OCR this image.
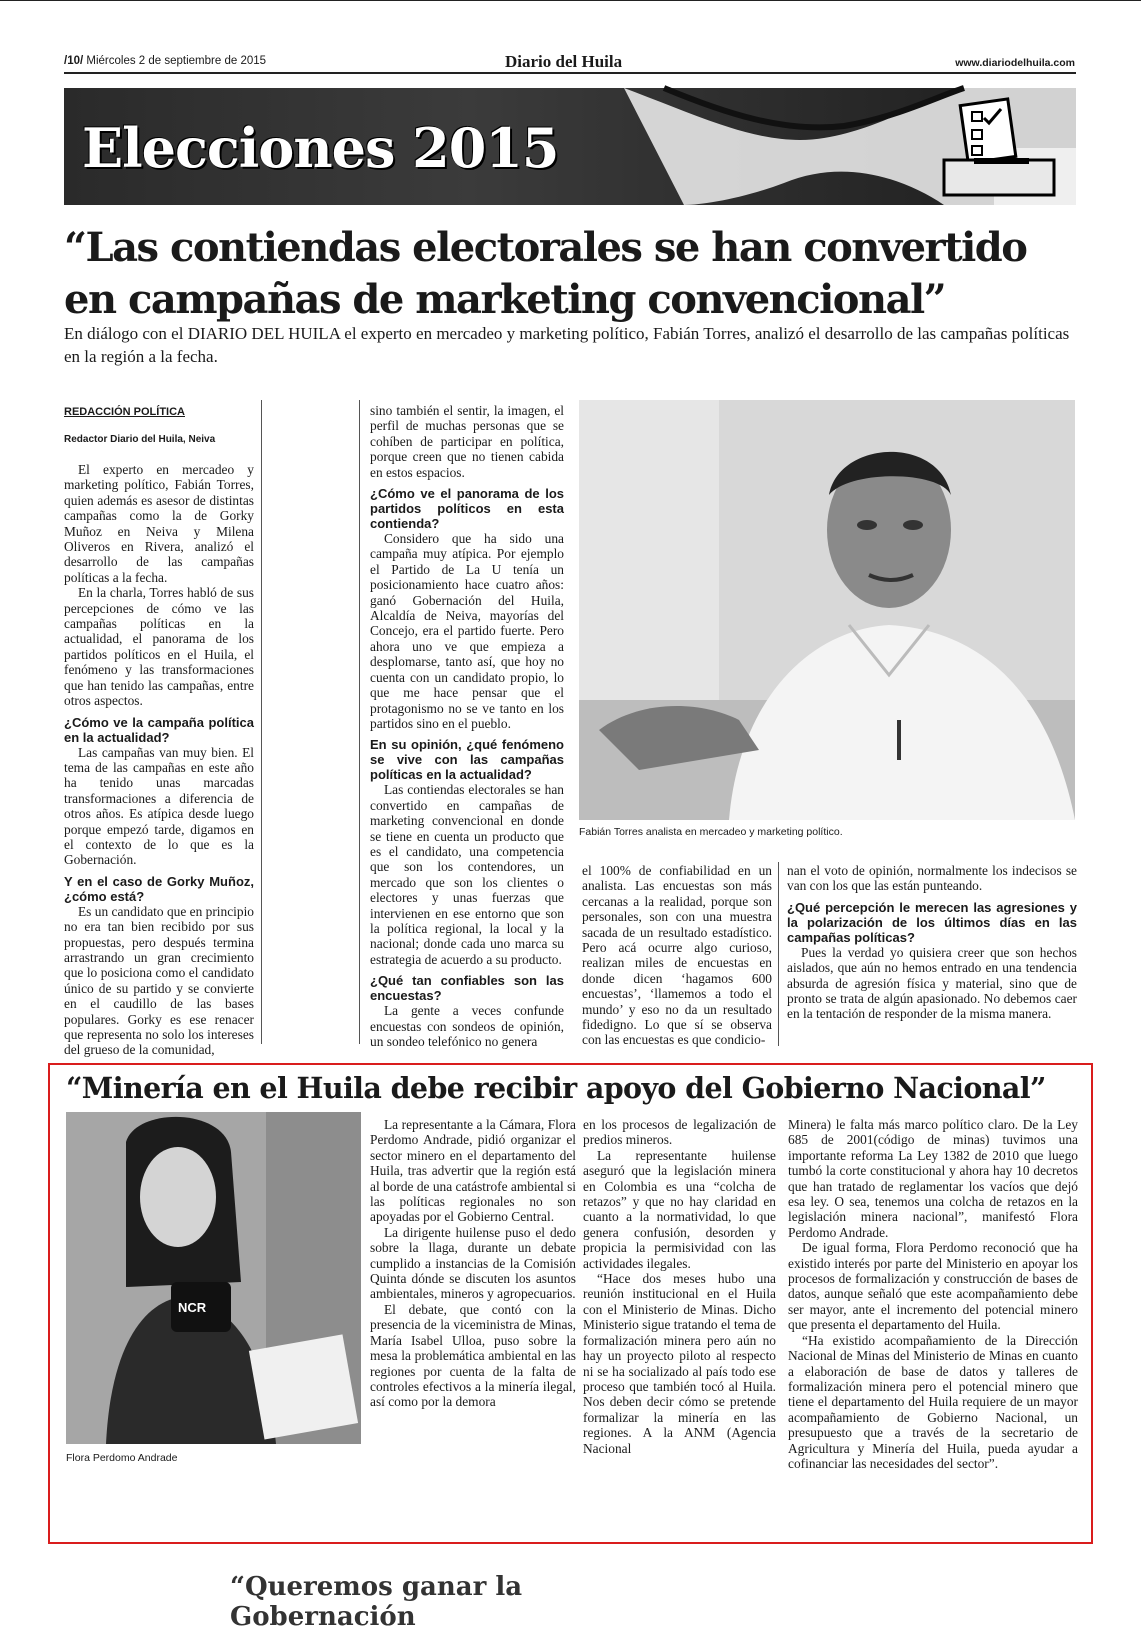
/10/ Miércoles 2 de septiembre de 2015	Diario del Huila	www.diariodelhuila.com
Elecciones 2015
“Las contiendas electorales se han convertido en campañas de marketing convencional”
En diálogo con el DIARIO DEL HUILA el experto en mercadeo y marketing político, Fabián Torres, analizó el desarrollo de las campañas políticas en la región a la fecha.
REDACCIÓN POLÍTICA
Redactor Diario del Huila, Neiva

El experto en mercadeo y marketing político, Fabián Torres, quien además es asesor de distintas campañas como la de Gorky Muñoz en Neiva y Milena Oliveros en Rivera, analizó el desarrollo de las campañas políticas a la fecha.

En la charla, Torres habló de sus percepciones de cómo ve las campañas políticas en la actualidad, el panorama de los partidos políticos en el Huila, el fenómeno y las transformaciones que han tenido las campañas, entre otros aspectos.

¿Cómo ve la campaña política en la actualidad?

Las campañas van muy bien. El tema de las campañas en este año ha tenido unas marcadas transformaciones a diferencia de otros años. Es atípica desde luego porque empezó tarde, digamos en el contexto de lo que es la Gobernación.

Y en el caso de Gorky Muñoz, ¿cómo está?

Es un candidato que en principio no era tan bien recibido por sus propuestas, pero después termina arrastrando un gran crecimiento que lo posiciona como el candidato único de su partido y se convierte en el caudillo de las bases populares. Gorky es ese renacer que representa no solo los intereses del grueso de la comunidad,

sino también el sentir, la imagen, el perfil de muchas personas que se cohíben de participar en política, porque creen que no tienen cabida en estos espacios.

¿Cómo ve el panorama de los partidos políticos en esta contienda?

Considero que ha sido una campaña muy atípica. Por ejemplo el Partido de La U tenía un posicionamiento hace cuatro años: ganó Gobernación del Huila, Alcaldía de Neiva, mayorías del Concejo, era el partido fuerte. Pero ahora uno ve que empieza a desplomarse, tanto así, que hoy no cuenta con un candidato propio, lo que me hace pensar que el protagonismo no se ve tanto en los partidos sino en el pueblo.

En su opinión, ¿qué fenómeno se vive con las campañas políticas en la actualidad?

Las contiendas electorales se han convertido en campañas de marketing convencional en donde se tiene en cuenta un producto que es el candidato, una competencia que son los contendores, un mercado que son los clientes o electores y unas fuerzas que intervienen en ese entorno que son la política regional, la local y la nacional; donde cada uno marca su estrategia de acuerdo a su producto.

¿Qué tan confiables son las encuestas?

La gente a veces confunde encuestas con sondeos de opinión, un sondeo telefónico no genera

Fabián Torres analista en mercadeo y marketing político.

el 100% de confiabilidad en un analista. Las encuestas son más cercanas a la realidad, porque son personales, son con una muestra sacada de un resultado estadístico. Pero acá ocurre algo curioso, realizan miles de encuestas en donde dicen ‘hagamos 600 encuestas’, ‘llamemos a todo el mundo’ y eso no da un resultado fidedigno. Lo que sí se observa con las encuestas es que condicio-

nan el voto de opinión, normalmente los indecisos se van con los que las están punteando.

¿Qué percepción le merecen las agresiones y la polarización de los últimos días en las campañas políticas?

Pues la verdad yo quisiera creer que son hechos aislados, que aún no hemos entrado en una tendencia absurda de agresión física y material, sino que de pronto se trata de algún apasionado. No debemos caer en la tentación de responder de la misma manera.

“Minería en el Huila debe recibir apoyo del Gobierno Nacional”
NCR
Flora Perdomo Andrade

La representante a la Cámara, Flora Perdomo Andrade, pidió organizar el sector minero en el departamento del Huila, tras advertir que la región está al borde de una catástrofe ambiental si las políticas regionales no son apoyadas por el Gobierno Central.

La dirigente huilense puso el dedo sobre la llaga, durante un debate cumplido a instancias de la Comisión Quinta dónde se discuten los asuntos ambientales, mineros y agropecuarios.

El debate, que contó con la presencia de la viceministra de Minas, María Isabel Ulloa, puso sobre la mesa la problemática ambiental en las regiones por cuenta de la falta de controles efectivos a la minería ilegal, así como por la demora

en los procesos de legalización de predios mineros.

La representante huilense aseguró que la legislación minera en Colombia es una “colcha de retazos” y que no hay claridad en cuanto a la normatividad, lo que genera confusión, desorden y propicia la permisividad con las actividades ilegales.

“Hace dos meses hubo una reunión institucional en el Huila con el Ministerio de Minas. Dicho Ministerio sigue tratando el tema de formalización minera pero aún no hay un proyecto piloto al respecto ni se ha socializado al país todo ese proceso que también tocó al Huila. Nos deben decir cómo se pretende formalizar la minería en las regiones. A la ANM (Agencia Nacional

Minera) le falta más marco político claro. De la Ley 685 de 2001(código de minas) tuvimos una importante reforma La Ley 1382 de 2010 que luego tumbó la corte constitucional y ahora hay 10 decretos que han tratado de reglamentar los vacíos que dejó esa ley. O sea, tenemos una colcha de retazos en la legislación minera nacional”, manifestó Flora Perdomo Andrade.

De igual forma, Flora Perdomo reconoció que ha existido interés por parte del Ministerio en apoyar los procesos de formalización y construcción de bases de datos, aunque señaló que este acompañamiento debe ser mayor, ante el incremento del potencial minero que presenta el departamento del Huila.

“Ha existido acompañamiento de la Dirección Nacional de Minas del Ministerio de Minas en cuanto a elaboración de base de datos y talleres de formalización minera pero el potencial minero que tiene el departamento del Huila requiere de un mayor acompañamiento de Gobierno Nacional, un presupuesto que a través de la secretario de Agricultura y Minería del Huila, pueda ayudar a cofinanciar las necesidades del sector”.

“Queremos ganar la Gobernación
